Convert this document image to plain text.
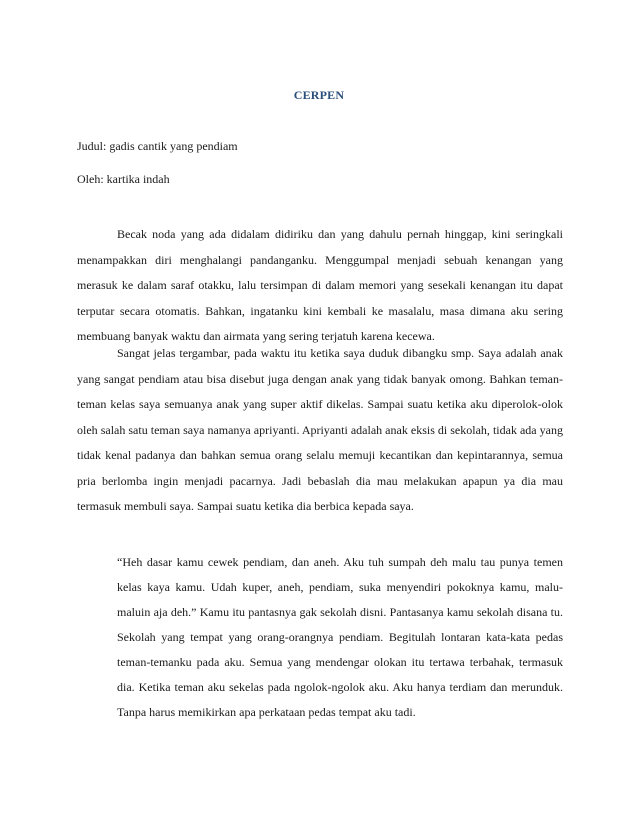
CERPEN
Judul: gadis cantik yang pendiam
Oleh: kartika indah

Becak noda yang ada didalam didiriku dan yang dahulu pernah hinggap, kini seringkali menampakkan diri menghalangi pandanganku. Menggumpal menjadi sebuah kenangan yang merasuk ke dalam saraf otakku, lalu tersimpan di dalam memori yang sesekali kenangan itu dapat terputar secara otomatis. Bahkan, ingatanku kini kembali ke masalalu, masa dimana aku sering membuang banyak waktu dan airmata yang sering terjatuh karena kecewa.

Sangat jelas tergambar, pada waktu itu ketika saya duduk dibangku smp. Saya adalah anak yang sangat pendiam atau bisa disebut juga dengan anak yang tidak banyak omong. Bahkan teman-teman kelas saya semuanya anak yang super aktif dikelas. Sampai suatu ketika aku diperolok-olok oleh salah satu teman saya namanya apriyanti. Apriyanti adalah anak eksis di sekolah, tidak ada yang tidak kenal padanya dan bahkan semua orang selalu memuji kecantikan dan kepintarannya, semua pria berlomba ingin menjadi pacarnya. Jadi bebaslah dia mau melakukan apapun ya dia mau termasuk membuli saya. Sampai suatu ketika dia berbica kepada saya.

“Heh dasar kamu cewek pendiam, dan aneh. Aku tuh sumpah deh malu tau punya temen kelas kaya kamu. Udah kuper, aneh, pendiam, suka menyendiri pokoknya kamu, malu-maluin aja deh.” Kamu itu pantasnya gak sekolah disni. Pantasanya kamu sekolah disana tu. Sekolah yang tempat yang orang-orangnya pendiam. Begitulah lontaran kata-kata pedas teman-temanku pada aku. Semua yang mendengar olokan itu tertawa terbahak, termasuk dia. Ketika teman aku sekelas pada ngolok-ngolok aku. Aku hanya terdiam dan merunduk. Tanpa harus memikirkan apa perkataan pedas tempat aku tadi.
